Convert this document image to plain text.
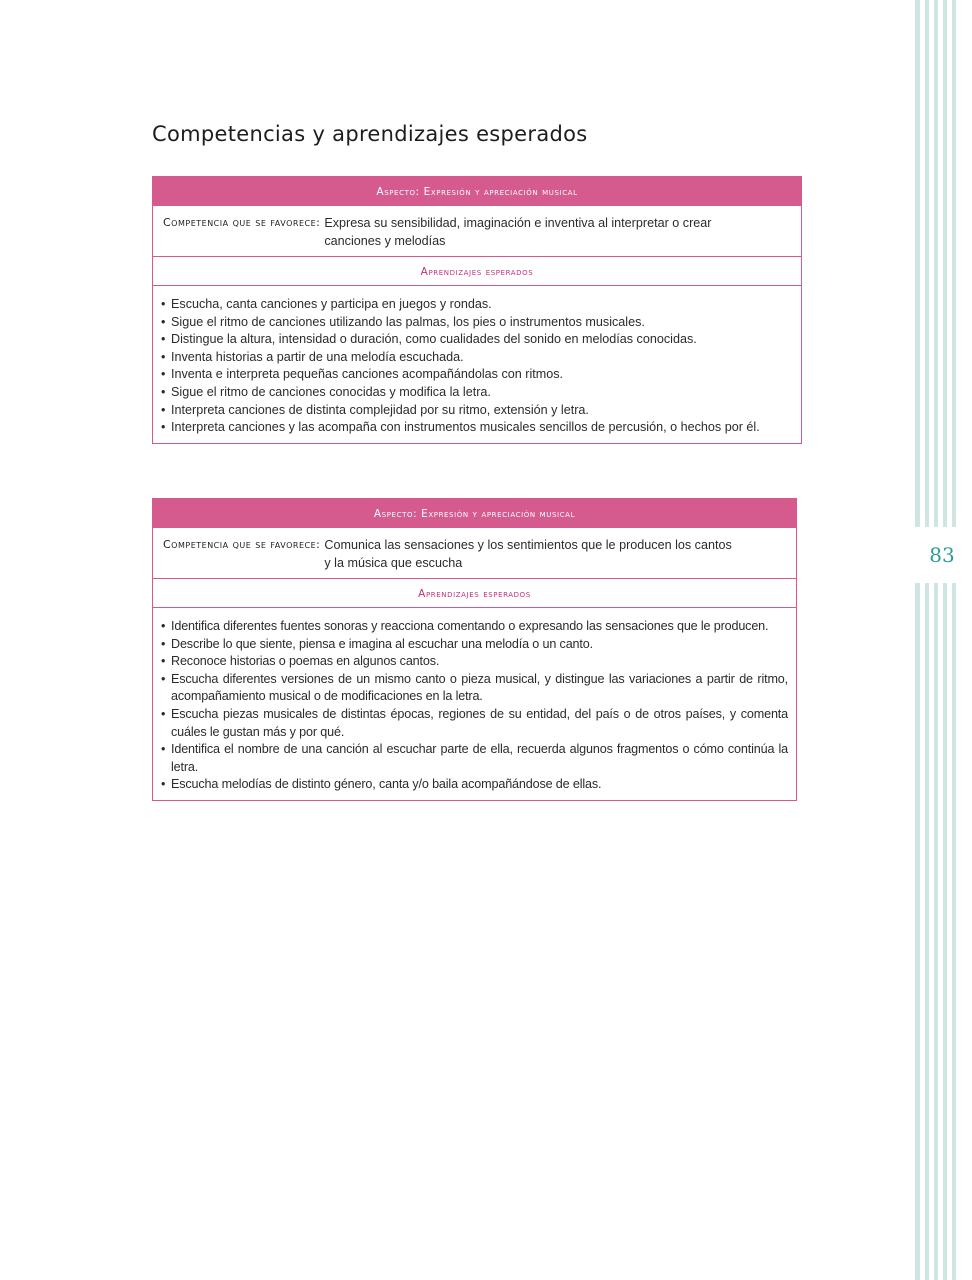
83
Competencias y aprendizajes esperados
Aspecto: Expresión y apreciación musical
Competencia que se favorece: Expresa su sensibilidad, imaginación e inventiva al interpretar o crear
canciones y melodías
Aprendizajes esperados
• Escucha, canta canciones y participa en juegos y rondas.
• Sigue el ritmo de canciones utilizando las palmas, los pies o instrumentos musicales.
• Distingue la altura, intensidad o duración, como cualidades del sonido en melodías conocidas.
• Inventa historias a partir de una melodía escuchada.
• Inventa e interpreta pequeñas canciones acompañándolas con ritmos.
• Sigue el ritmo de canciones conocidas y modifica la letra.
• Interpreta canciones de distinta complejidad por su ritmo, extensión y letra.
• Interpreta canciones y las acompaña con instrumentos musicales sencillos de percusión, o hechos por él.
Aspecto: Expresión y apreciación musical
Competencia que se favorece: Comunica las sensaciones y los sentimientos que le producen los cantos
y la música que escucha
Aprendizajes esperados
• Identifica diferentes fuentes sonoras y reacciona comentando o expresando las sensaciones que le producen.
• Describe lo que siente, piensa e imagina al escuchar una melodía o un canto.
• Reconoce historias o poemas en algunos cantos.
• Escucha diferentes versiones de un mismo canto o pieza musical, y distingue las variaciones a partir de ritmo, acompañamiento musical o de modificaciones en la letra.
• Escucha piezas musicales de distintas épocas, regiones de su entidad, del país o de otros países, y comenta cuáles le gustan más y por qué.
• Identifica el nombre de una canción al escuchar parte de ella, recuerda algunos fragmentos o cómo continúa la letra.
• Escucha melodías de distinto género, canta y/o baila acompañándose de ellas.
